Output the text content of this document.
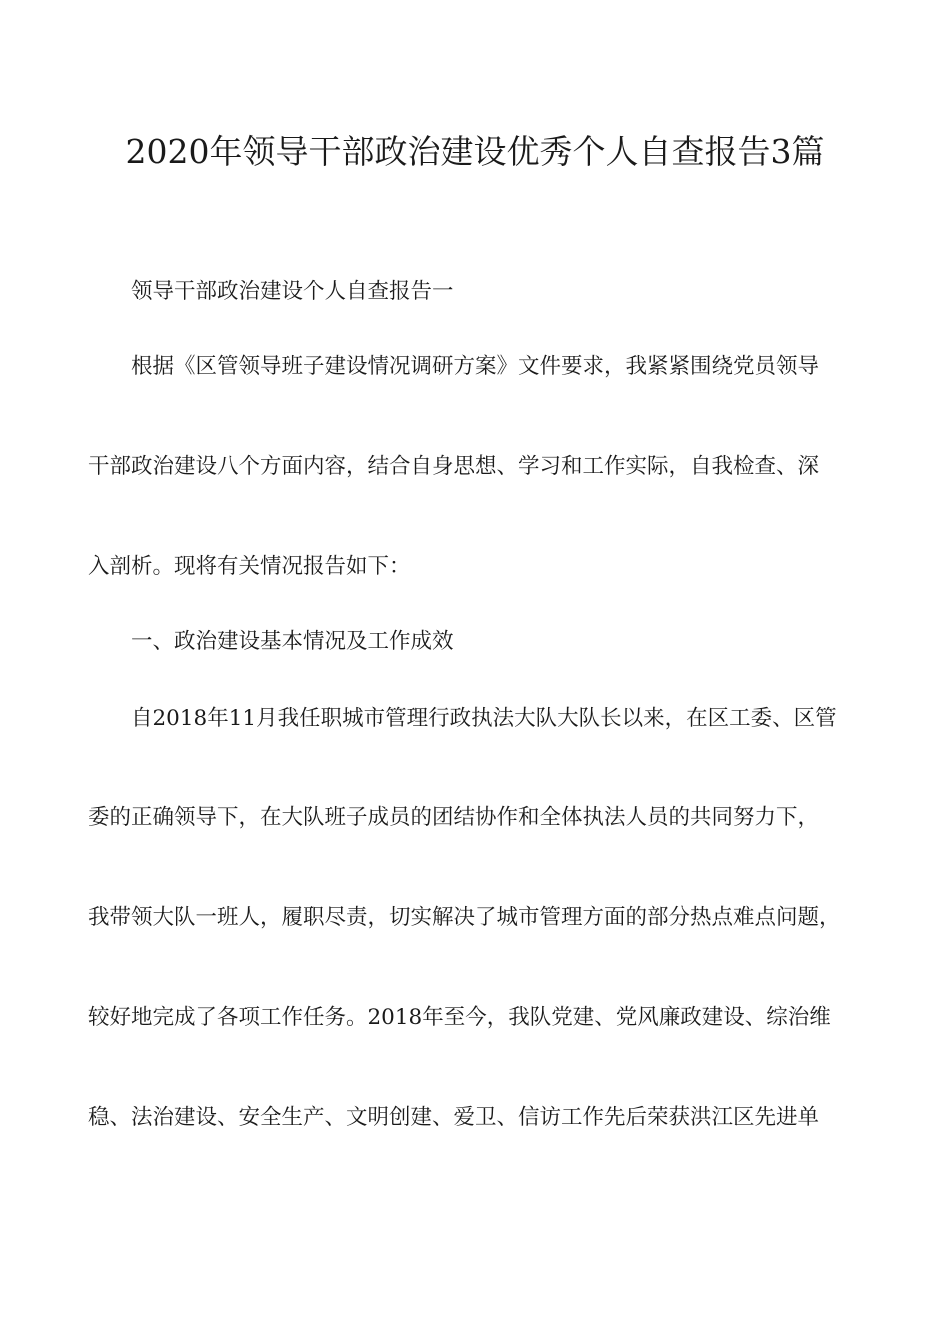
2020年领导干部政治建设优秀个人自查报告3篇
领导干部政治建设个人自查报告一
根据《区管领导班子建设情况调研方案》文件要求，我紧紧围绕党员领导
干部政治建设八个方面内容，结合自身思想、学习和工作实际，自我检查、深
入剖析。现将有关情况报告如下：
一、政治建设基本情况及工作成效
自2018年11月我任职城市管理行政执法大队大队长以来，在区工委、区管
委的正确领导下，在大队班子成员的团结协作和全体执法人员的共同努力下，
我带领大队一班人，履职尽责，切实解决了城市管理方面的部分热点难点问题，
较好地完成了各项工作任务。2018年至今，我队党建、党风廉政建设、综治维
稳、法治建设、安全生产、文明创建、爱卫、信访工作先后荣获洪江区先进单
